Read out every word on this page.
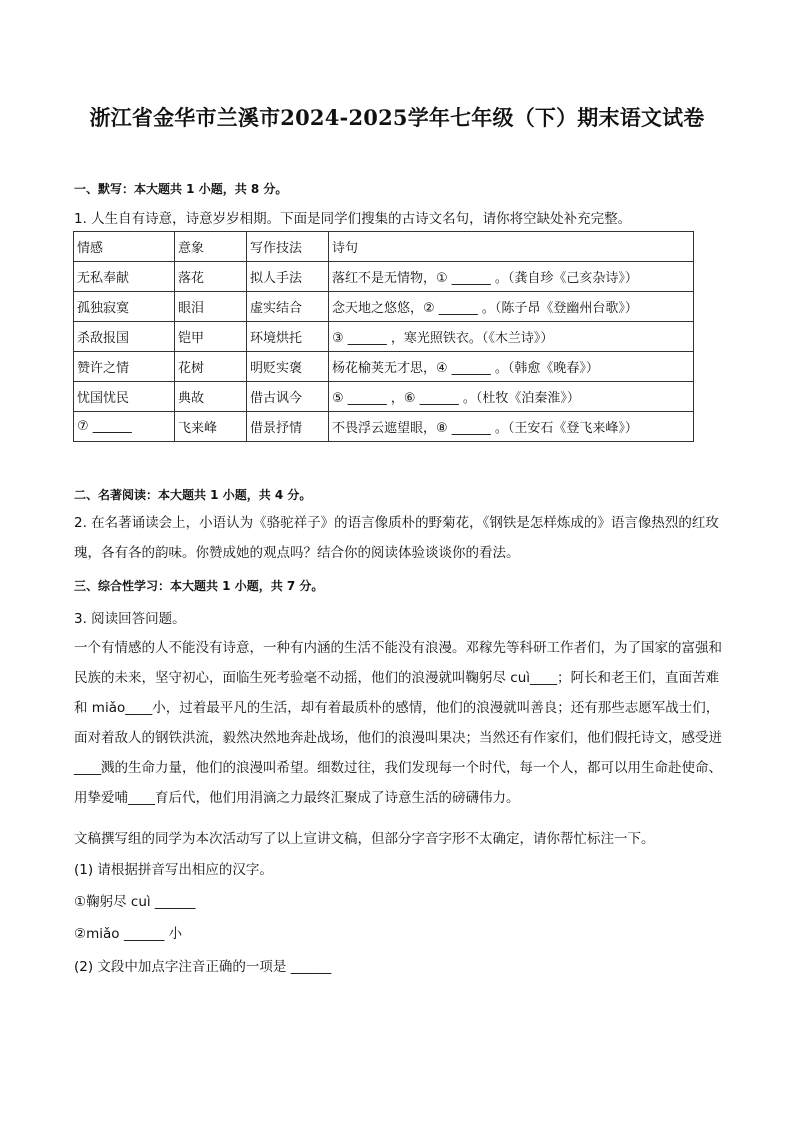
浙江省金华市兰溪市2024-2025学年七年级（下）期末语文试卷
一、默写：本大题共 1 小题，共 8 分。
1. 人生自有诗意，诗意岁岁相期。下面是同学们搜集的古诗文名句，请你将空缺处补充完整。
情感	意象	写作技法	诗句
无私奉献	落花	拟人手法	落红不是无情物，① ______ 。（龚自珍《己亥杂诗》）
孤独寂寞	眼泪	虚实结合	念天地之悠悠，② ______ 。（陈子昂《登幽州台歌》）
杀敌报国	铠甲	环境烘托	③ ______ ，寒光照铁衣。（《木兰诗》）
赞许之情	花树	明贬实褒	杨花榆荚无才思，④ ______ 。（韩愈《晚春》）
忧国忧民	典故	借古讽今	⑤ ______ ，⑥ ______ 。（杜牧《泊秦淮》）
⑦ ______	飞来峰	借景抒情	不畏浮云遮望眼，⑧ ______ 。（王安石《登飞来峰》）
二、名著阅读：本大题共 1 小题，共 4 分。
2. 在名著诵读会上，小语认为《骆驼祥子》的语言像质朴的野菊花，《钢铁是怎样炼成的》语言像热烈的红玫瑰，各有各的韵味。你赞成她的观点吗？结合你的阅读体验谈谈你的看法。
三、综合性学习：本大题共 1 小题，共 7 分。
3. 阅读回答问题。
一个有情感的人不能没有诗意，一种有内涵的生活不能没有浪漫。邓稼先等科研工作者们，为了国家的富强和民族的未来，坚守初心，面临生死考验毫不动摇，他们的浪漫就叫鞠躬尽 cuì____；阿长和老王们，直面苦难和 miǎo____小，过着最平凡的生活，却有着最质朴的感情，他们的浪漫就叫善良；还有那些志愿军战士们，面对着敌人的钢铁洪流，毅然决然地奔赴战场，他们的浪漫叫果决；当然还有作家们，他们假托诗文，感受迸____溅的生命力量，他们的浪漫叫希望。细数过往，我们发现每一个时代，每一个人，都可以用生命赴使命、用挚爱哺____育后代，他们用涓滴之力最终汇聚成了诗意生活的磅礴伟力。
文稿撰写组的同学为本次活动写了以上宣讲文稿，但部分字音字形不太确定，请你帮忙标注一下。
(1) 请根据拼音写出相应的汉字。
①鞠躬尽 cuì ______
②miǎo ______ 小
(2) 文段中加点字注音正确的一项是 ______
